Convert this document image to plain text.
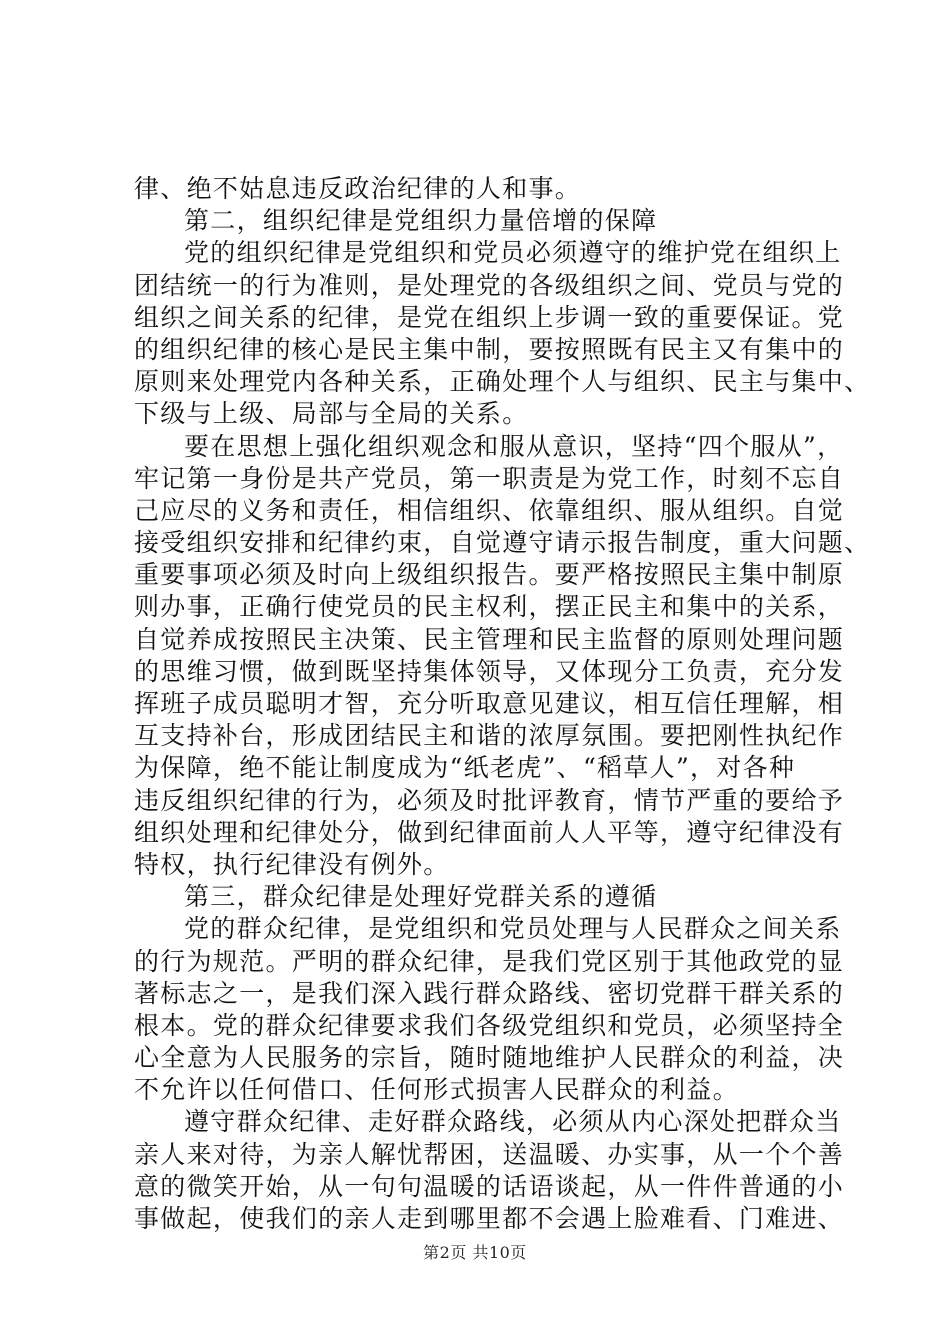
律、绝不姑息违反政治纪律的人和事。
第二，组织纪律是党组织力量倍增的保障
党的组织纪律是党组织和党员必须遵守的维护党在组织上
团结统一的行为准则，是处理党的各级组织之间、党员与党的
组织之间关系的纪律，是党在组织上步调一致的重要保证。党
的组织纪律的核心是民主集中制，要按照既有民主又有集中的
原则来处理党内各种关系，正确处理个人与组织、民主与集中、
下级与上级、局部与全局的关系。
要在思想上强化组织观念和服从意识，坚持“四个服从”，
牢记第一身份是共产党员，第一职责是为党工作，时刻不忘自
己应尽的义务和责任，相信组织、依靠组织、服从组织。自觉
接受组织安排和纪律约束，自觉遵守请示报告制度，重大问题、
重要事项必须及时向上级组织报告。要严格按照民主集中制原
则办事，正确行使党员的民主权利，摆正民主和集中的关系，
自觉养成按照民主决策、民主管理和民主监督的原则处理问题
的思维习惯，做到既坚持集体领导，又体现分工负责，充分发
挥班子成员聪明才智，充分听取意见建议，相互信任理解，相
互支持补台，形成团结民主和谐的浓厚氛围。要把刚性执纪作
为保障，绝不能让制度成为“纸老虎”、“稻草人”，对各种
违反组织纪律的行为，必须及时批评教育，情节严重的要给予
组织处理和纪律处分，做到纪律面前人人平等，遵守纪律没有
特权，执行纪律没有例外。
第三，群众纪律是处理好党群关系的遵循
党的群众纪律，是党组织和党员处理与人民群众之间关系
的行为规范。严明的群众纪律，是我们党区别于其他政党的显
著标志之一，是我们深入践行群众路线、密切党群干群关系的
根本。党的群众纪律要求我们各级党组织和党员，必须坚持全
心全意为人民服务的宗旨，随时随地维护人民群众的利益，决
不允许以任何借口、任何形式损害人民群众的利益。
遵守群众纪律、走好群众路线，必须从内心深处把群众当
亲人来对待，为亲人解忧帮困，送温暖、办实事，从一个个善
意的微笑开始，从一句句温暖的话语谈起，从一件件普通的小
事做起，使我们的亲人走到哪里都不会遇上脸难看、门难进、
第2页 共10页
